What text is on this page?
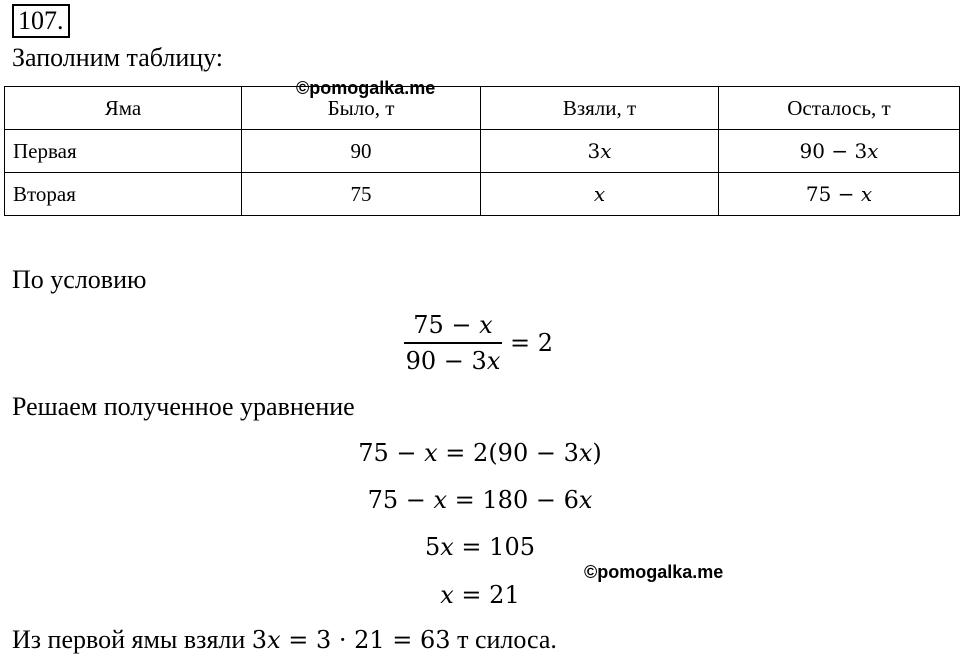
107.
Заполним таблицу:
Яма	Было, т	Взяли, т	Осталось, т
Первая	90	3𝑥	90 − 3𝑥
Вторая	75	𝑥	75 − 𝑥
©pomogalka.me
По условию
$\frac{\text{75 − 𝑥}}{\text{90 − 3𝑥}} = 2$
Решаем полученное уравнение
75 − 𝑥 = 2(90 − 3𝑥)
75 − 𝑥 = 180 − 6𝑥
5𝑥 = 105
𝑥 = 21
©pomogalka.me
Из первой ямы взяли 3𝑥 = 3 · 21 = 63 т силоса.
